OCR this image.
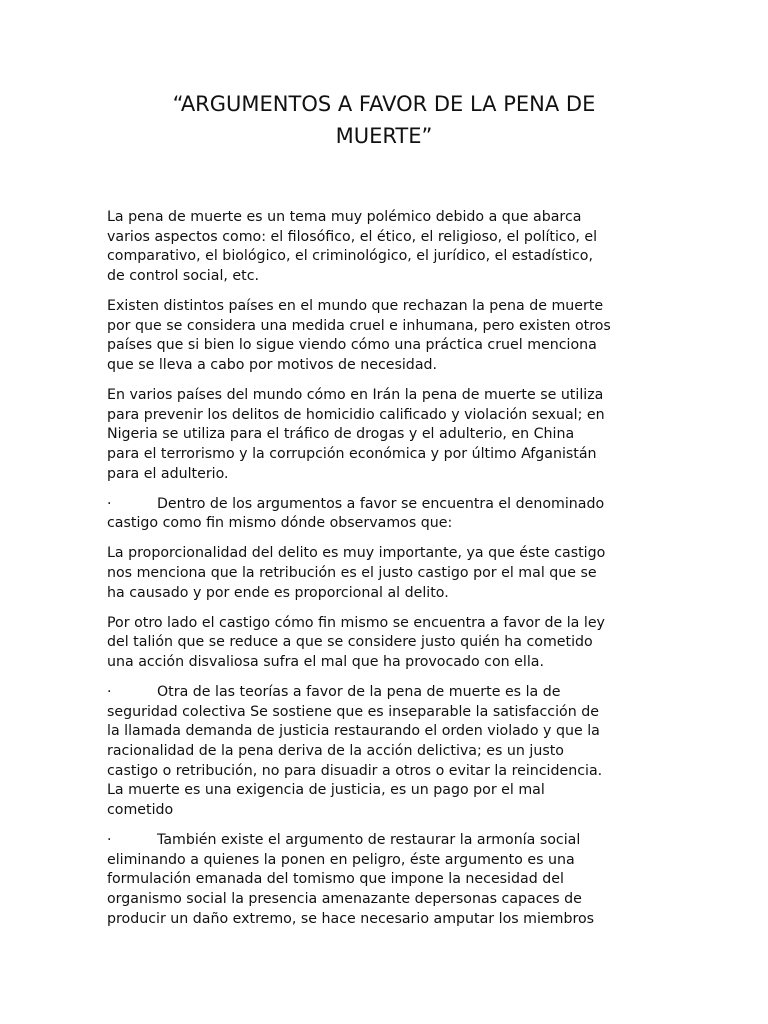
“ARGUMENTOS A FAVOR DE LA PENA DE
MUERTE”

La pena de muerte es un tema muy polémico debido a que abarca
varios aspectos como: el filosófico, el ético, el religioso, el político, el
comparativo, el biológico, el criminológico, el jurídico, el estadístico,
de control social, etc.

Existen distintos países en el mundo que rechazan la pena de muerte
por que se considera una medida cruel e inhumana, pero existen otros
países que si bien lo sigue viendo cómo una práctica cruel menciona
que se lleva a cabo por motivos de necesidad.

En varios países del mundo cómo en Irán la pena de muerte se utiliza
para prevenir los delitos de homicidio calificado y violación sexual; en
Nigeria se utiliza para el tráfico de drogas y el adulterio, en China
para el terrorismo y la corrupción económica y por último Afganistán
para el adulterio.

·	Dentro de los argumentos a favor se encuentra el denominado
castigo como fin mismo dónde observamos que:

La proporcionalidad del delito es muy importante, ya que éste castigo
nos menciona que la retribución es el justo castigo por el mal que se
ha causado y por ende es proporcional al delito.

Por otro lado el castigo cómo fin mismo se encuentra a favor de la ley
del talión que se reduce a que se considere justo quién ha cometido
una acción disvaliosa sufra el mal que ha provocado con ella.

·	Otra de las teorías a favor de la pena de muerte es la de
seguridad colectiva Se sostiene que es inseparable la satisfacción de
la llamada demanda de justicia restaurando el orden violado y que la
racionalidad de la pena deriva de la acción delictiva; es un justo
castigo o retribución, no para disuadir a otros o evitar la reincidencia.
La muerte es una exigencia de justicia, es un pago por el mal
cometido

·	También existe el argumento de restaurar la armonía social
eliminando a quienes la ponen en peligro, éste argumento es una
formulación emanada del tomismo que impone la necesidad del
organismo social la presencia amenazante depersonas capaces de
producir un daño extremo, se hace necesario amputar los miembros
